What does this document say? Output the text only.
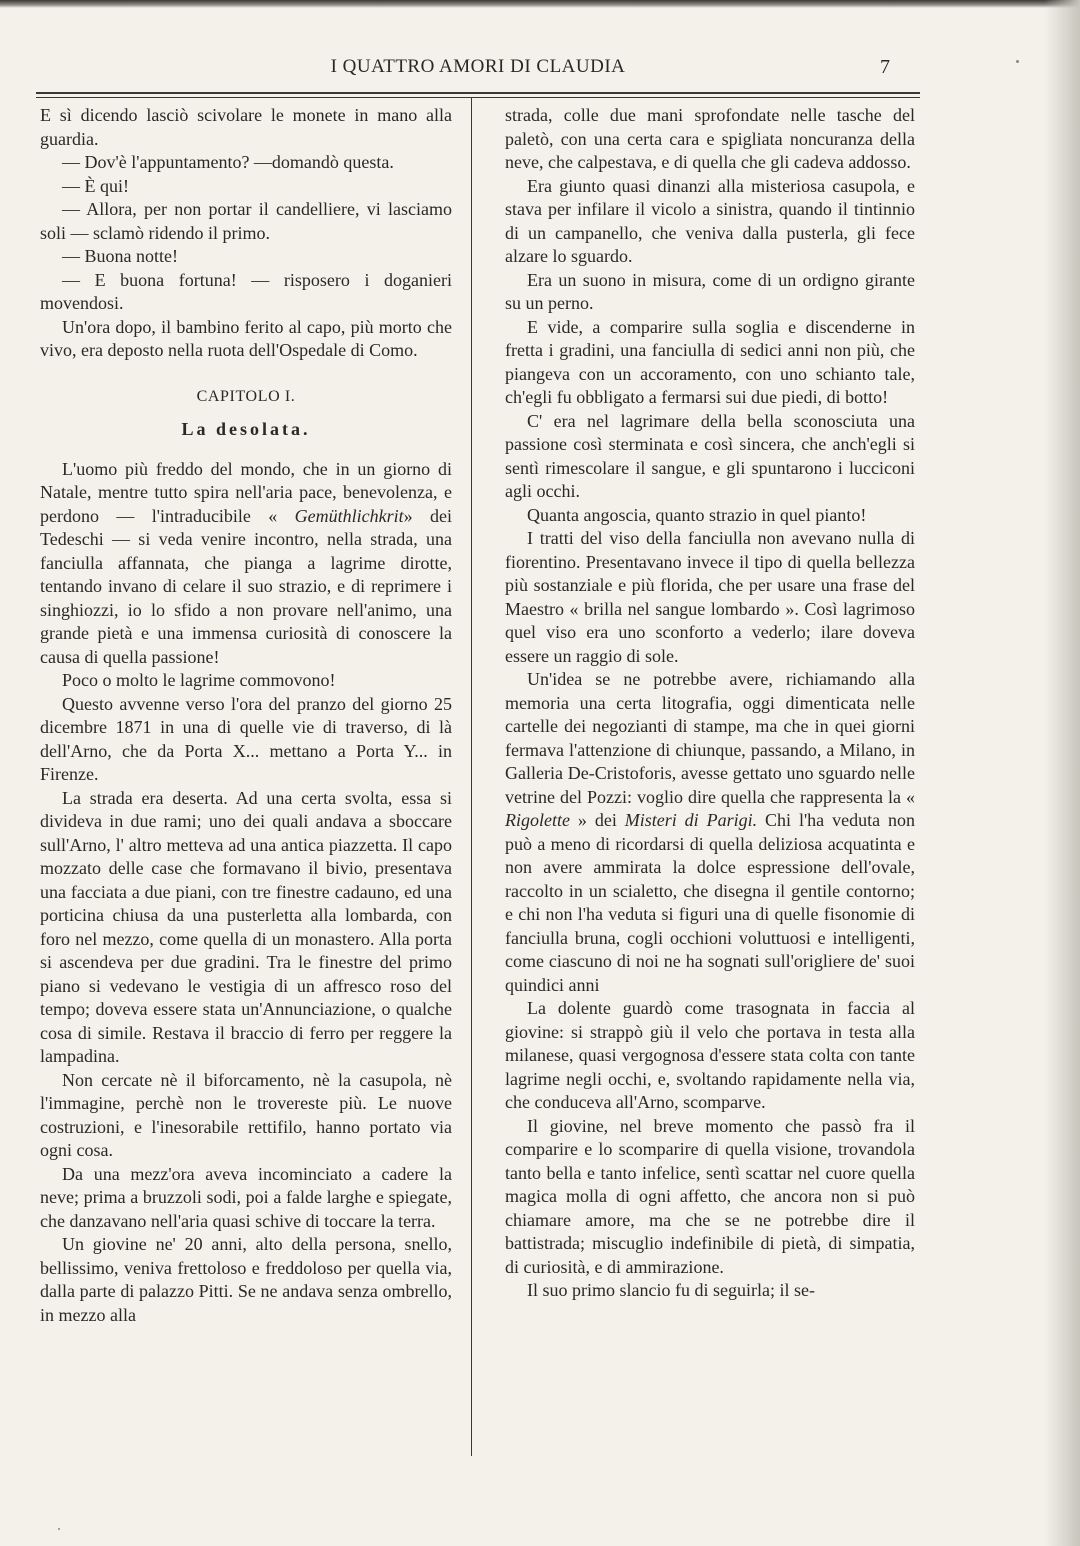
I QUATTRO AMORI DI CLAUDIA	7

E sì dicendo lasciò scivolare le monete in mano alla guardia.

— Dov'è l'appuntamento? —domandò questa.

— È qui!

— Allora, per non portar il candelliere, vi lasciamo soli — sclamò ridendo il primo.

— Buona notte!

— E buona fortuna! — risposero i doganieri movendosi.

Un'ora dopo, il bambino ferito al capo, più morto che vivo, era deposto nella ruota dell'Ospedale di Como.

CAPITOLO I.

La desolata.

L'uomo più freddo del mondo, che in un giorno di Natale, mentre tutto spira nell'aria pace, benevolenza, e perdono — l'intraducibile « Gemüthlichkrit» dei Tedeschi — si veda venire incontro, nella strada, una fanciulla affannata, che pianga a lagrime dirotte, tentando invano di celare il suo strazio, e di reprimere i singhiozzi, io lo sfido a non provare nell'animo, una grande pietà e una immensa curiosità di conoscere la causa di quella passione!

Poco o molto le lagrime commovono!

Questo avvenne verso l'ora del pranzo del giorno 25 dicembre 1871 in una di quelle vie di traverso, di là dell'Arno, che da Porta X... mettano a Porta Y... in Firenze.

La strada era deserta. Ad una certa svolta, essa si divideva in due rami; uno dei quali andava a sboccare sull'Arno, l' altro metteva ad una antica piazzetta. Il capo mozzato delle case che formavano il bivio, presentava una facciata a due piani, con tre finestre cadauno, ed una porticina chiusa da una pusterletta alla lombarda, con foro nel mezzo, come quella di un monastero. Alla porta si ascendeva per due gradini. Tra le finestre del primo piano si vedevano le vestigia di un affresco roso del tempo; doveva essere stata un'Annunciazione, o qualche cosa di simile. Restava il braccio di ferro per reggere la lampadina.

Non cercate nè il biforcamento, nè la casupola, nè l'immagine, perchè non le trovereste più. Le nuove costruzioni, e l'inesorabile rettifilo, hanno portato via ogni cosa.

Da una mezz'ora aveva incominciato a cadere la neve; prima a bruzzoli sodi, poi a falde larghe e spiegate, che danzavano nell'aria quasi schive di toccare la terra.

Un giovine ne' 20 anni, alto della persona, snello, bellissimo, veniva frettoloso e freddoloso per quella via, dalla parte di palazzo Pitti. Se ne andava senza ombrello, in mezzo alla

strada, colle due mani sprofondate nelle tasche del paletò, con una certa cara e spigliata noncuranza della neve, che calpestava, e di quella che gli cadeva addosso.

Era giunto quasi dinanzi alla misteriosa casupola, e stava per infilare il vicolo a sinistra, quando il tintinnio di un campanello, che veniva dalla pusterla, gli fece alzare lo sguardo.

Era un suono in misura, come di un ordigno girante su un perno.

E vide, a comparire sulla soglia e discenderne in fretta i gradini, una fanciulla di sedici anni non più, che piangeva con un accoramento, con uno schianto tale, ch'egli fu obbligato a fermarsi sui due piedi, di botto!

C' era nel lagrimare della bella sconosciuta una passione così sterminata e così sincera, che anch'egli si sentì rimescolare il sangue, e gli spuntarono i lucciconi agli occhi.

Quanta angoscia, quanto strazio in quel pianto!

I tratti del viso della fanciulla non avevano nulla di fiorentino. Presentavano invece il tipo di quella bellezza più sostanziale e più florida, che per usare una frase del Maestro « brilla nel sangue lombardo ». Così lagrimoso quel viso era uno sconforto a vederlo; ilare doveva essere un raggio di sole.

Un'idea se ne potrebbe avere, richiamando alla memoria una certa litografia, oggi dimenticata nelle cartelle dei negozianti di stampe, ma che in quei giorni fermava l'attenzione di chiunque, passando, a Milano, in Galleria De-Cristoforis, avesse gettato uno sguardo nelle vetrine del Pozzi: voglio dire quella che rappresenta la « Rigolette » dei Misteri di Parigi. Chi l'ha veduta non può a meno di ricordarsi di quella deliziosa acquatinta e non avere ammirata la dolce espressione dell'ovale, raccolto in un scialetto, che disegna il gentile contorno; e chi non l'ha veduta si figuri una di quelle fisonomie di fanciulla bruna, cogli occhioni voluttuosi e intelligenti, come ciascuno di noi ne ha sognati sull'origliere de' suoi quindici anni

La dolente guardò come trasognata in faccia al giovine: si strappò giù il velo che portava in testa alla milanese, quasi vergognosa d'essere stata colta con tante lagrime negli occhi, e, svoltando rapidamente nella via, che conduceva all'Arno, scomparve.

Il giovine, nel breve momento che passò fra il comparire e lo scomparire di quella visione, trovandola tanto bella e tanto infelice, sentì scattar nel cuore quella magica molla di ogni affetto, che ancora non si può chiamare amore, ma che se ne potrebbe dire il battistrada; miscuglio indefinibile di pietà, di simpatia, di curiosità, e di ammirazione.

Il suo primo slancio fu di seguirla; il se-
